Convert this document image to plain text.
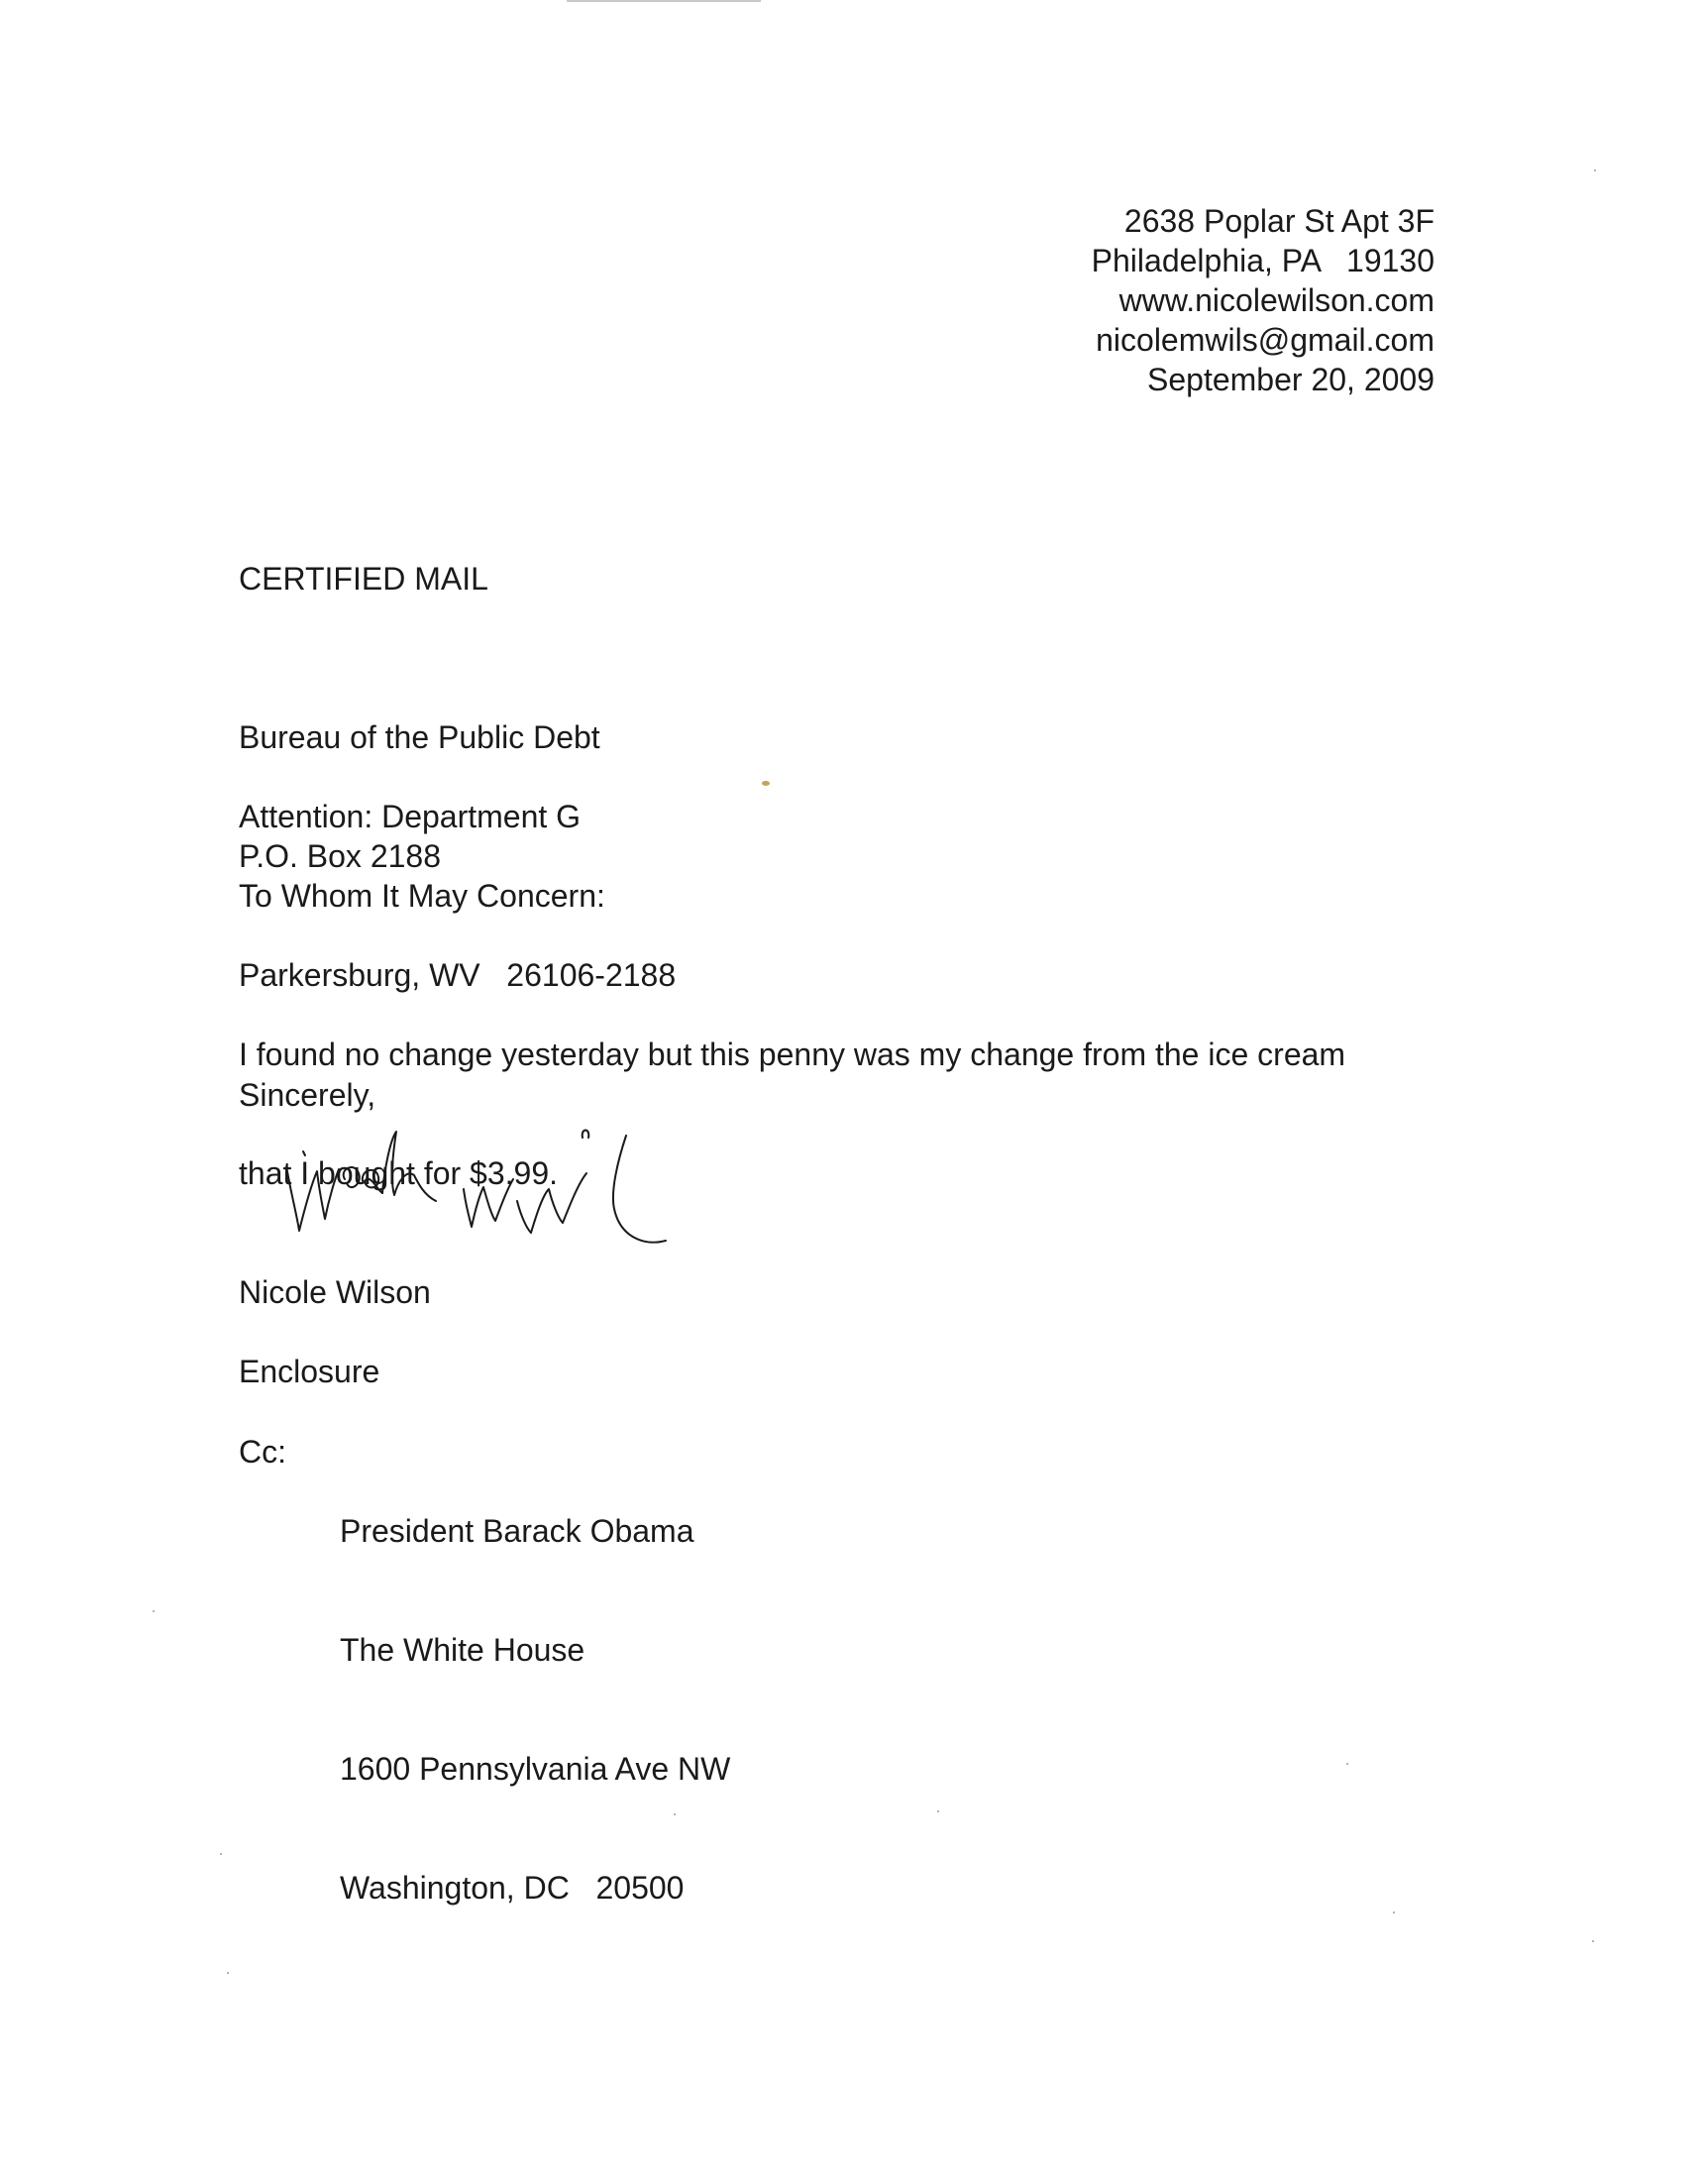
2638 Poplar St Apt 3F
Philadelphia, PA   19130
www.nicolewilson.com
nicolemwils@gmail.com
September 20, 2009
CERTIFIED MAIL

Bureau of the Public Debt

P.O. Box 2188

Parkersburg, WV   26106-2188

Attention: Department G
To Whom It May Concern:

I found no change yesterday but this penny was my change from the ice cream

that I bought for $3.99.

Sincerely,
Nicole Wilson
Enclosure
Cc:

President Barack Obama

The White House

1600 Pennsylvania Ave NW

Washington, DC   20500
